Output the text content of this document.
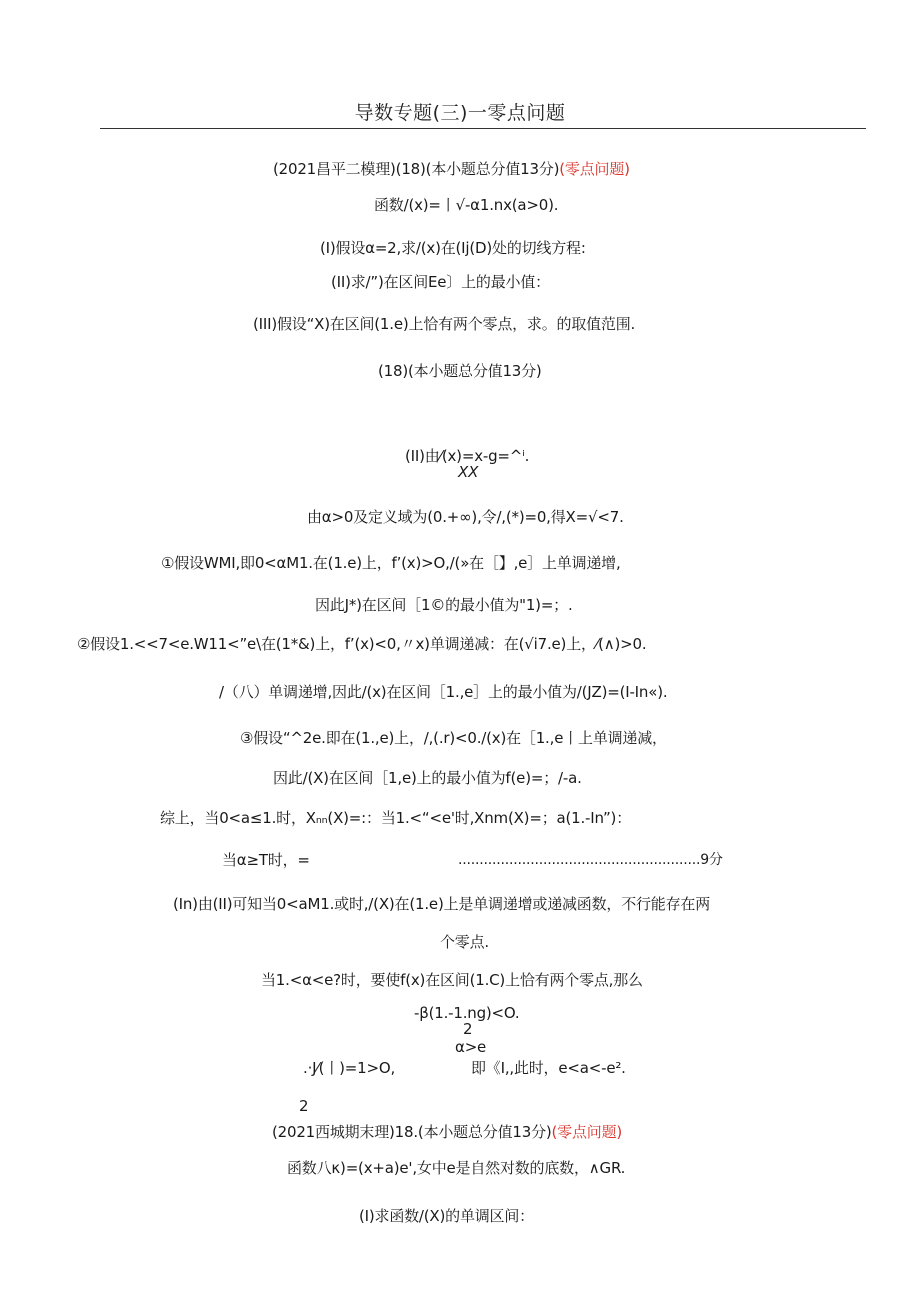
导数专题(三)一零点问题
(2021昌平二模理)(18)(本小题总分值13分)(零点问题)
函数/(x)=丨√-α1.nx(a>0).
(I)假设α=2,求/(x)在(Ij(D)处的切线方程:
(II)求/”)在区间Ee〕上的最小值：
(III)假设“X)在区间(1.e)上恰有两个零点，求。的取值范围.
(18)(本小题总分值13分)
(II)由⁄(x)=x-g=^ⁱ.
XX
由α>0及定义域为(0.+∞),令/,(*)=0,得X=√<7.
①假设WMI,即0<αM1.在(1.e)上，f’(x)>O,/(»在［】,e］上单调递增,
因此J*)在区间［1©的最小值为"1)=；.
②假设1.<<7<e.W11<”e\在(1*&)上，f’(x)<0,〃x)单调递减：在(√i7.e)上，⁄(∧)>0.
/（八）单调递增,因此/(x)在区间［1.,e］上的最小值为/(JZ)=(I-In«).
③假设“^2e.即在(1.,e)上，/,(.r)<0./(x)在［1.,e丨上单调递减，
因此/(X)在区间［1,e)上的最小值为f(e)=；/-a.
综上，当0<a≤1.时，Xₙₙ(X)=:：当1.<“<e'时,Xnm(X)=；a(1.-In”)：
当α≥T时，=	.........................................................9分
(In)由(II)可知当0<aM1.或时,/(X)在(1.e)上是单调递增或递减函数，不行能存在两
个零点.
当1.<α<e?时，要使f(x)在区间(1.C)上恰有两个零点,那么
-β(1.-1.ng)<O.
2
α>e
.·J⁄(丨)=1>O,	即《I,,此时，e<a<-e².
2
(2021西城期末理)18.(本小题总分值13分)(零点问题)
函数八κ)=(x+a)e',女中e是自然对数的底数，∧GR.
(I)求函数/(X)的单调区间：
